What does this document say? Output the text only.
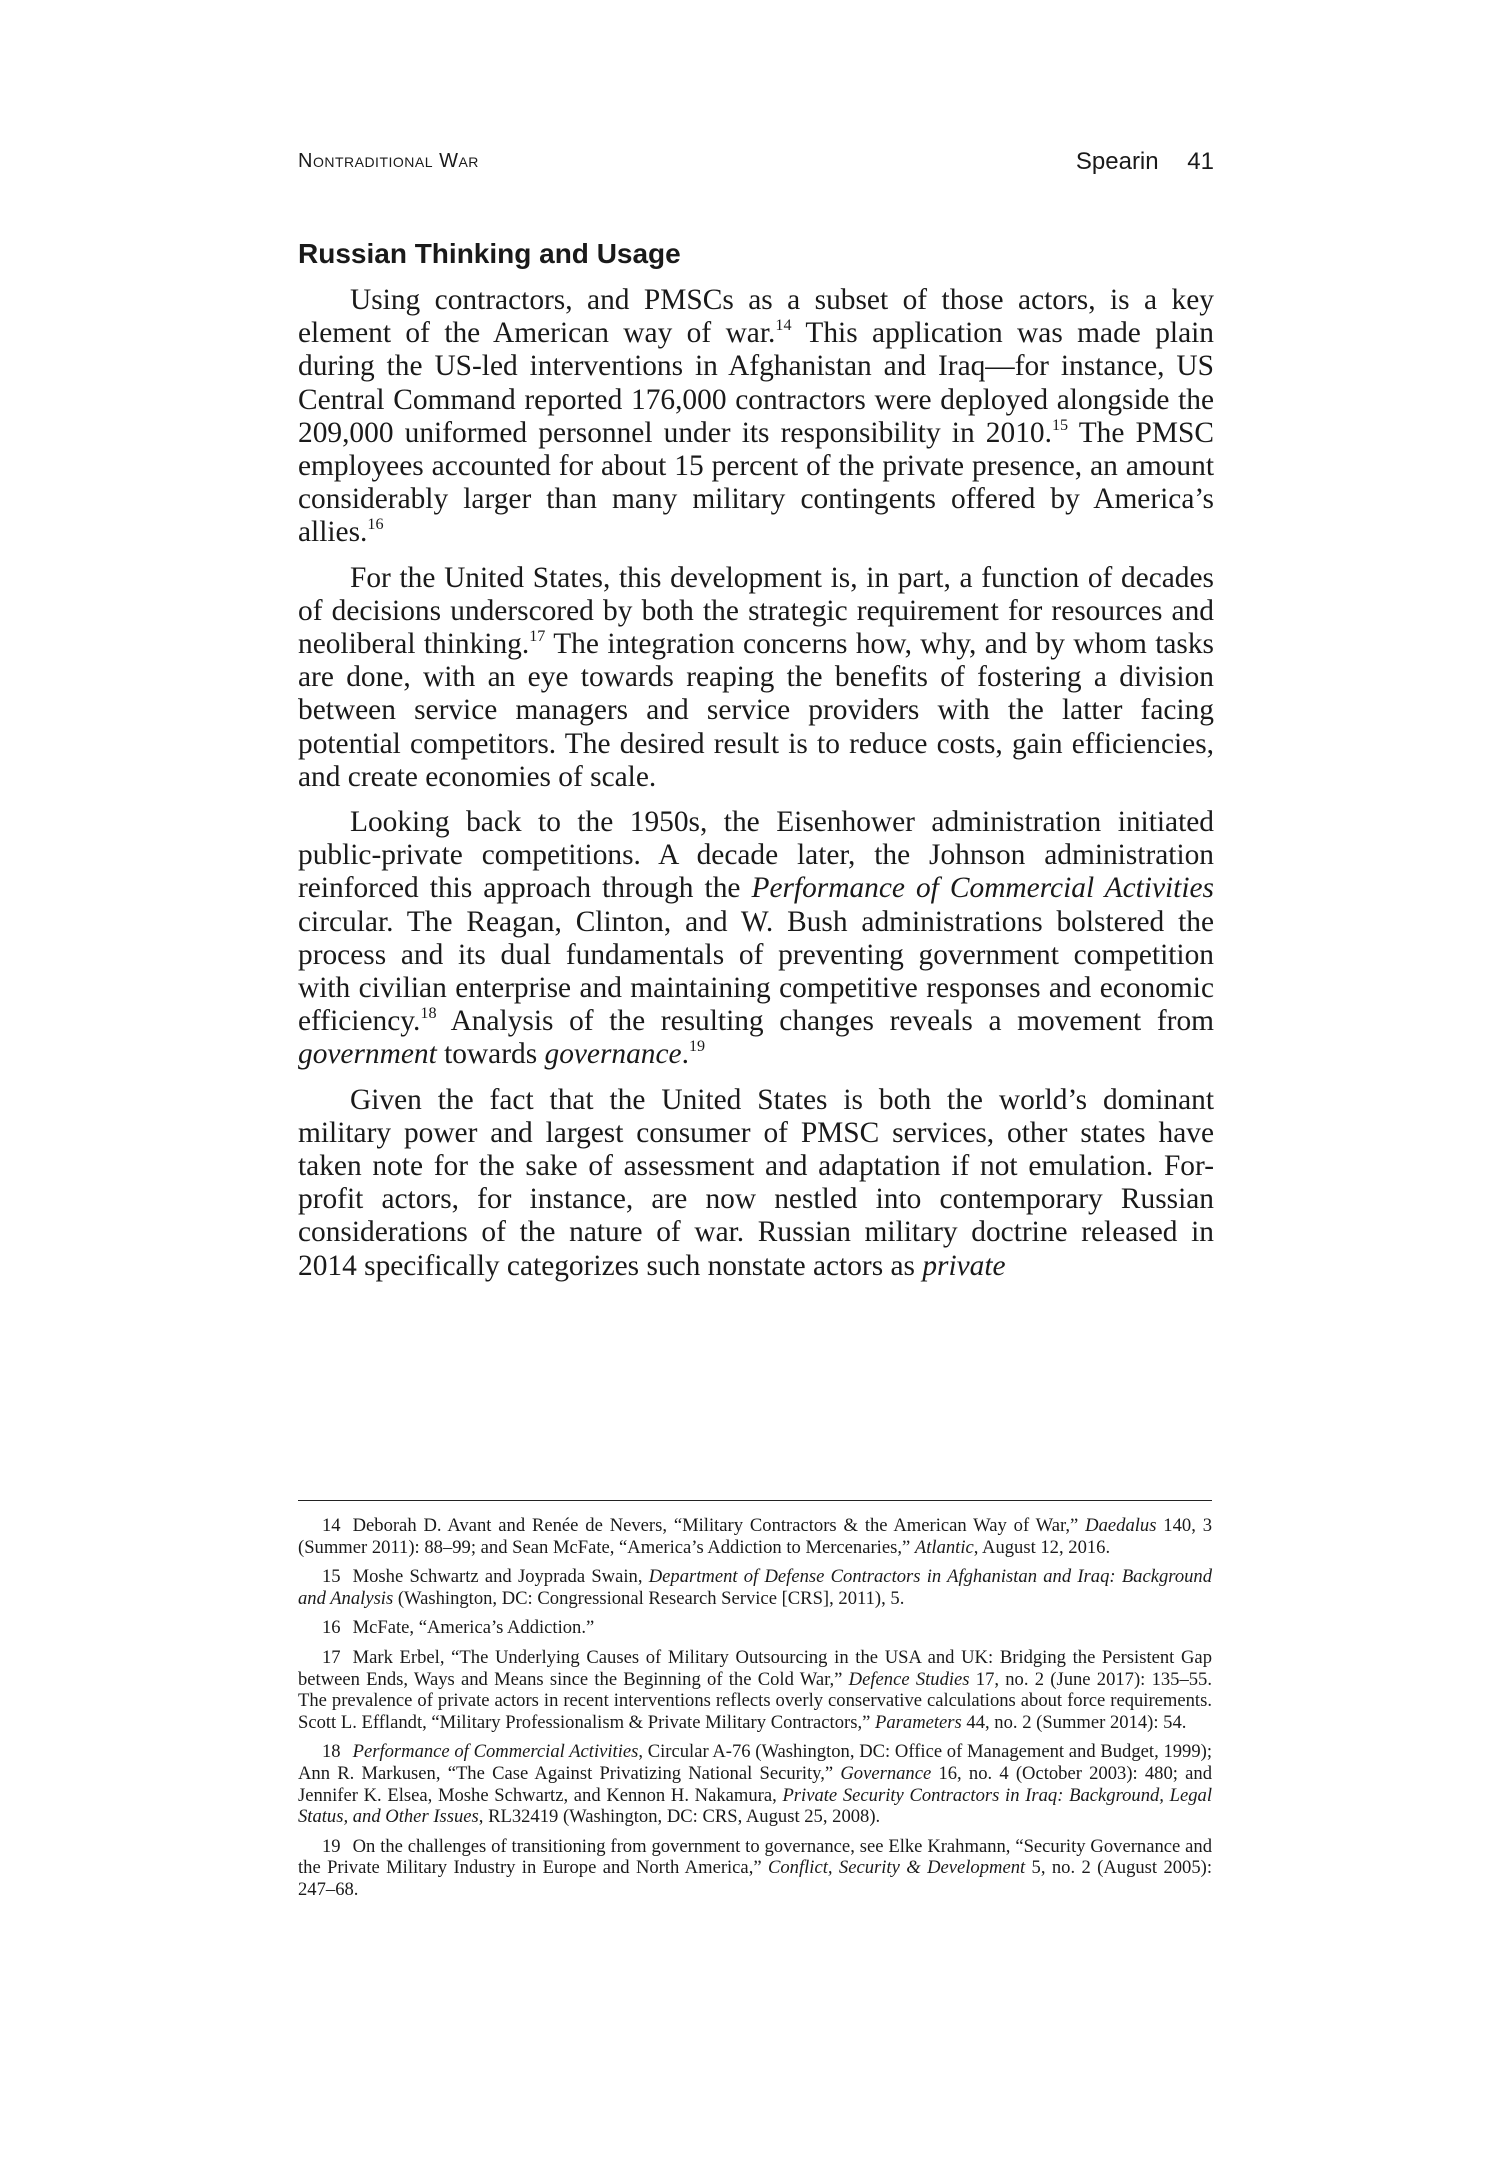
Nontraditional War	Spearin 41
Russian Thinking and Usage

Using contractors, and PMSCs as a subset of those actors, is a key element of the American way of war.$^{14}$ This application was made plain during the US-led interventions in Afghanistan and Iraq—for instance, US Central Command reported 176,000 contractors were deployed alongside the 209,000 uniformed personnel under its responsibility in 2010.15 The PMSC employees accounted for about 15 percent of the private presence, an amount considerably larger than many military contingents offered by America’s allies.$^{16}$

For the United States, this development is, in part, a function of decades of decisions underscored by both the strategic requirement for resources and neoliberal thinking.$^{17}$ The integration concerns how, why, and by whom tasks are done, with an eye towards reaping the benefits of fostering a division between service managers and service providers with the latter facing potential competitors. The desired result is to reduce costs, gain efficiencies, and create economies of scale.

Looking back to the 1950s, the Eisenhower administration initiated public-private competitions. A decade later, the Johnson administration reinforced this approach through the Performance of Commercial Activities circular. The Reagan, Clinton, and W. Bush administrations bolstered the process and its dual fundamentals of preventing government competition with civilian enterprise and maintaining competitive responses and economic efficiency.$^{18}$ Analysis of the resulting changes reveals a movement from government towards governance.$^{19}$

Given the fact that the United States is both the world’s dominant military power and largest consumer of PMSC services, other states have taken note for the sake of assessment and adaptation if not emulation. For-profit actors, for instance, are now nestled into contemporary Russian considerations of the nature of war. Russian military doctrine released in 2014 specifically categorizes such nonstate actors as private

14 Deborah D. Avant and Renée de Nevers, “Military Contractors & the American Way of War,” Daedalus 140, 3 (Summer 2011): 88–99; and Sean McFate, “America’s Addiction to Mercenaries,” Atlantic, August 12, 2016.

15 Moshe Schwartz and Joyprada Swain, Department of Defense Contractors in Afghanistan and Iraq: Background and Analysis (Washington, DC: Congressional Research Service [CRS], 2011), 5.

16 McFate, “America’s Addiction.”

17 Mark Erbel, “The Underlying Causes of Military Outsourcing in the USA and UK: Bridging the Persistent Gap between Ends, Ways and Means since the Beginning of the Cold War,” Defence Studies 17, no. 2 (June 2017): 135–55. The prevalence of private actors in recent interventions reflects overly conservative calculations about force requirements. Scott L. Efflandt, “Military Professionalism & Private Military Contractors,” Parameters 44, no. 2 (Summer 2014): 54.

18 Performance of Commercial Activities, Circular A-76 (Washington, DC: Office of Management and Budget, 1999); Ann R. Markusen, “The Case Against Privatizing National Security,” Governance 16, no. 4 (October 2003): 480; and Jennifer K. Elsea, Moshe Schwartz, and Kennon H. Nakamura, Private Security Contractors in Iraq: Background, Legal Status, and Other Issues, RL32419 (Washington, DC: CRS, August 25, 2008).

19 On the challenges of transitioning from government to governance, see Elke Krahmann, “Security Governance and the Private Military Industry in Europe and North America,” Conflict, Security & Development 5, no. 2 (August 2005): 247–68.
